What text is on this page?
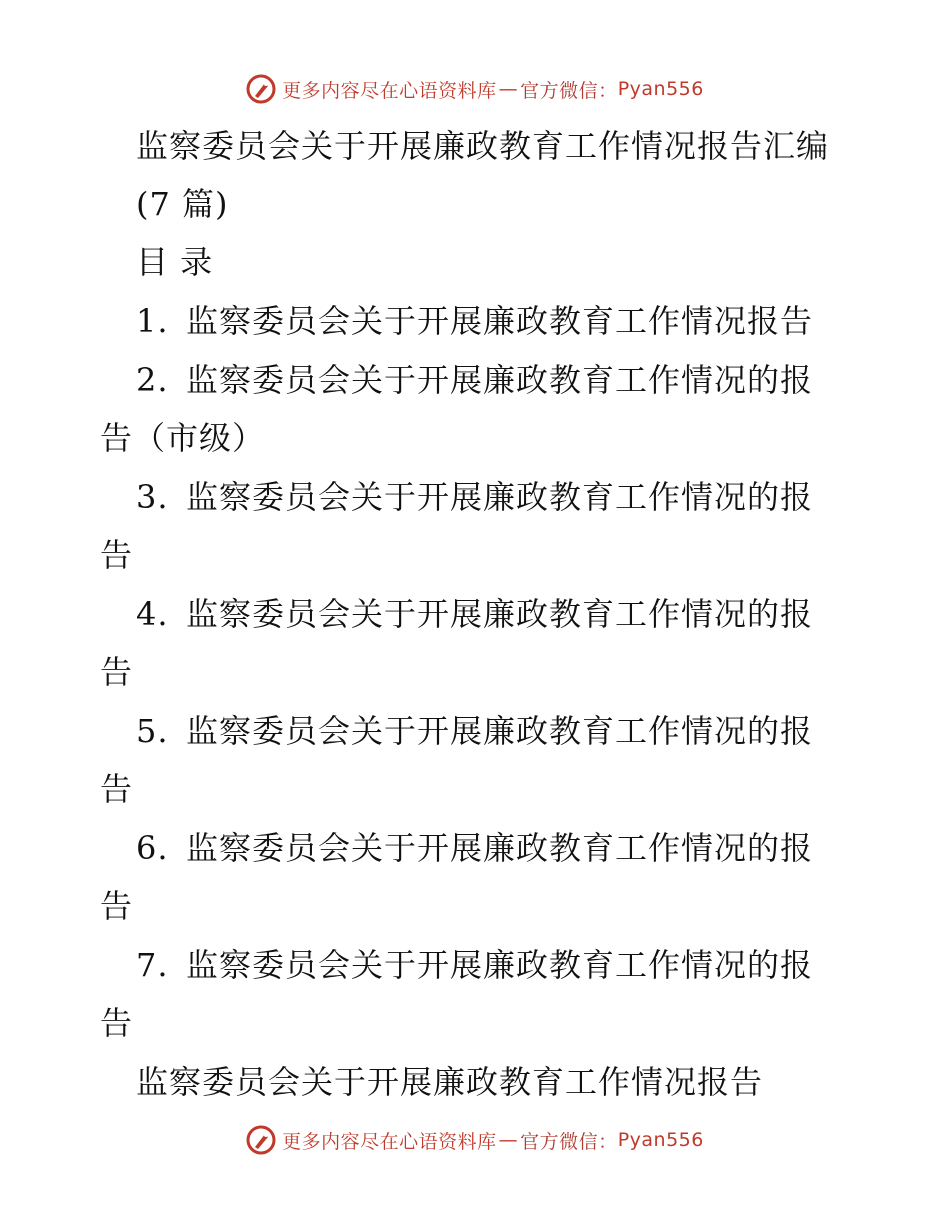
更多内容尽在心语资料库 — 官方微信： Pyan556
监察委员会关于开展廉政教育工作情况报告汇编
(7 篇)
目 录
1. 监察委员会关于开展廉政教育工作情况报告
2. 监察委员会关于开展廉政教育工作情况的报
告（市级）
3. 监察委员会关于开展廉政教育工作情况的报
告
4. 监察委员会关于开展廉政教育工作情况的报
告
5. 监察委员会关于开展廉政教育工作情况的报
告
6. 监察委员会关于开展廉政教育工作情况的报
告
7. 监察委员会关于开展廉政教育工作情况的报
告
监察委员会关于开展廉政教育工作情况报告
更多内容尽在心语资料库 — 官方微信： Pyan556
